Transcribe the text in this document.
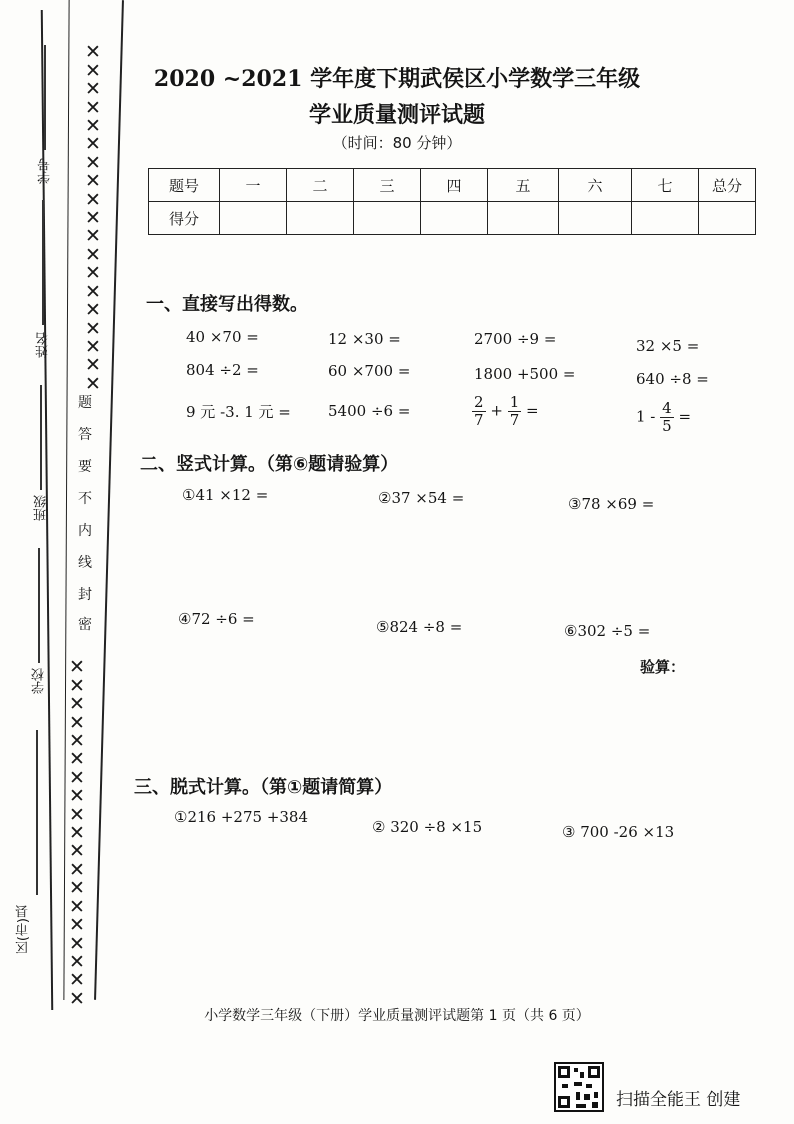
✕
✕
✕
✕
✕
✕
✕
✕
✕
✕
✕
✕
✕
✕
✕
✕
✕
✕
✕

✕
✕
✕
✕
✕
✕
✕
✕
✕
✕
✕
✕
✕
✕
✕
✕
✕
✕
✕

题
答
要
不
内
线
封
密
学号
姓名
班级
学校
区(市)县
2020 ~2021 学年度下期武侯区小学数学三年级
学业质量测评试题
（时间：80 分钟）
题号	一	二	三	四	五	六	七	总分
得分								
一、直接写出得数。
40 ×70 =	12 ×30 =	2700 ÷9 =	32 ×5 =
804 ÷2 =	60 ×700 =	1800 +500 =	640 ÷8 =
9 元 -3. 1 元 = 5400 ÷6 =	$\frac{2}{7} + \frac{1}{7}$ =	$1 - \frac{4}{5}$ =
二、竖式计算。（第⑥题请验算）
①41 ×12 =	②37 ×54 =	③78 ×69 =
④72 ÷6 =	⑤824 ÷8 =	⑥302 ÷5 =
验算：
三、脱式计算。（第①题请简算）
①216 +275 +384
② 320 ÷8 ×15	③ 700 -26 ×13
小学数学三年级（下册）学业质量测评试题第 1 页（共 6 页）
扫描全能王 创建
